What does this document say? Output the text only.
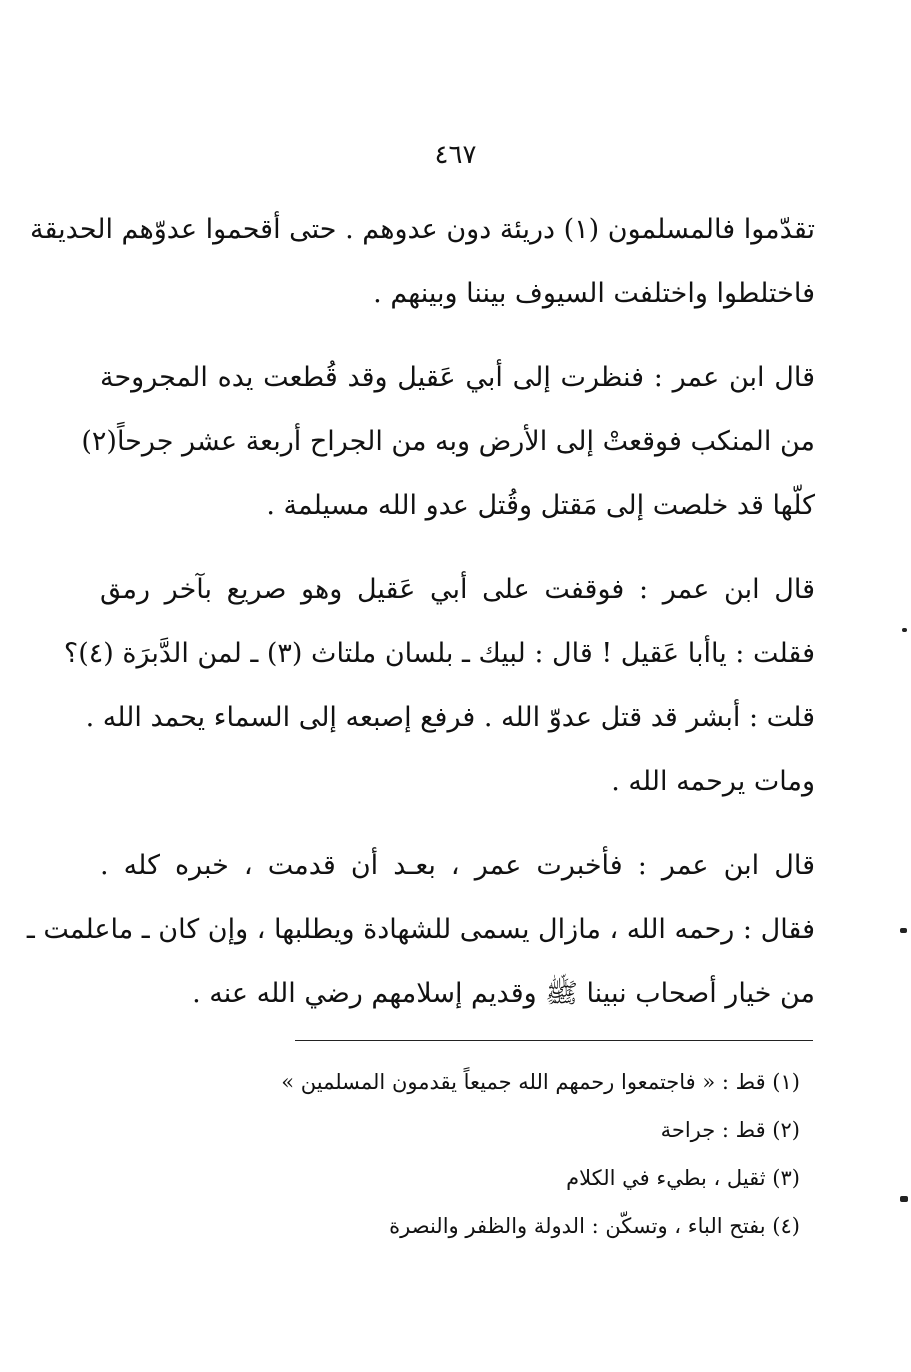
٤٦٧

تقدّموا فالمسلمون (١) دريئة دون عدوهم . حتى أقحموا عدوّهم الحديقة
فاختلطوا واختلفت السيوف بيننا وبينهم .

قال ابن عمر : فنظرت إلى أبي عَقيل وقد قُطعت يده المجروحة
من المنكب فوقعتْ إلى الأرض وبه من الجراح أربعة عشر جرحاً(٢)
كلّها قد خلصت إلى مَقتل وقُتل عدو الله مسيلمة .

قال ابن عمر : فوقفت على أبي عَقيل وهو صريع بآخر رمق
فقلت : ياأبا عَقيل ! قال : لبيك ـ بلسان ملتاث (٣) ـ لمن الدَّبرَة (٤)؟
قلت : أبشر قد قتل عدوّ الله . فرفع إصبعه إلى السماء يحمد الله .
ومات يرحمه الله .

قال ابن عمر : فأخبرت عمر ، بعـد أن قدمت ، خبره كله .
فقال : رحمه الله ، مازال يسمى للشهادة ويطلبها ، وإن كان ـ ماعلمت ـ
من خيار أصحاب نبينا ﷺ وقديم إسلامهم رضي الله عنه .

(١) قط : « فاجتمعوا رحمهم الله جميعاً يقدمون المسلمين »
(٢) قط : جراحة
(٣) ثقيل ، بطيء في الكلام
(٤) بفتح الباء ، وتسكّن : الدولة والظفر والنصرة
